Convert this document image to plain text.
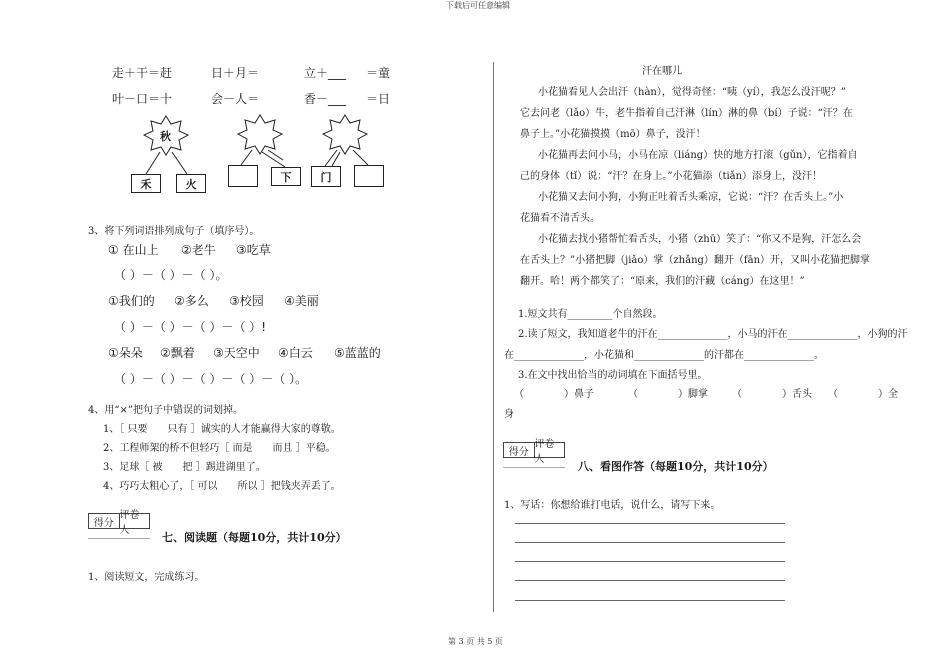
下载后可任意编辑
第 3 页 共 5 页
走＋干＝赶	日＋月＝	立＋___ ＝童
叶－口＝十	会－人＝	香－___ ＝日
秋
禾	火
下	门
3、将下列词语排列成句子（填序号）。
① 在山上 ②老牛 ③吃草
（ ）－（ ）－（ ）。
①我们的 ②多么 ③校园 ④美丽
（ ）－（ ）－（ ）－（ ）!
①朵朵 ②飘着 ③天空中 ④白云 ⑤蓝蓝的
（ ）－（ ）－（ ）－（ ）－（ ）。
4、用“×”把句子中错误的词划掉。
1、［ 只要　　只有 ］诚实的人才能赢得大家的尊敬。
2、工程师架的桥不但轻巧［ 而是　　而且 ］平稳。
3、足球［ 被　　把 ］踢进湖里了。
4、巧巧太粗心了，［ 可以　　所以 ］把钱夹弄丢了。
得分
评卷人
七、阅读题（每题10分，共计10分）
1、阅读短文，完成练习。
汗在哪儿
小花猫看见人会出汗（hàn），觉得奇怪：“咦（yí），我怎么没汗呢？”
它去问老（lǎo）牛，老牛指着自己汗淋（lín）淋的鼻（bí）子说：“汗？在
鼻子上。”小花猫摸摸（mō）鼻子，没汗！
小花猫再去问小马，小马在凉（liáng）快的地方打滚（gǔn），它指着自
己的身体（tǐ）说：“汗？在身上。”小花猫添（tiǎn）添身上，没汗！
小花猫又去问小狗，小狗正吐着舌头乘凉，它说：“汗？在舌头上。”小
花猫看不清舌头。
小花猫去找小猪帮忙看舌头，小猪（zhū）笑了：“你又不是狗，汗怎么会
在舌头上？”小猪把脚（jiǎo）掌（zhǎng）翻开（fān）开，又叫小花猫把脚掌
翻开。哈！两个都笑了：“原来，我们的汗藏（cáng）在这里！”
1.短文共有_________个自然段。
2.读了短文，我知道老牛的汗在______________，小马的汗在______________，小狗的汗
在______________，小花猫和______________的汗都在______________。
3.在文中找出恰当的动词填在下面括号里。
（　　　　）鼻子	（　　　　）脚掌 （　　　　）舌头 （　　　　）全
身
得分
评卷人
八、看图作答（每题10分，共计10分）
1、写话：你想给谁打电话，说什么，请写下来。
